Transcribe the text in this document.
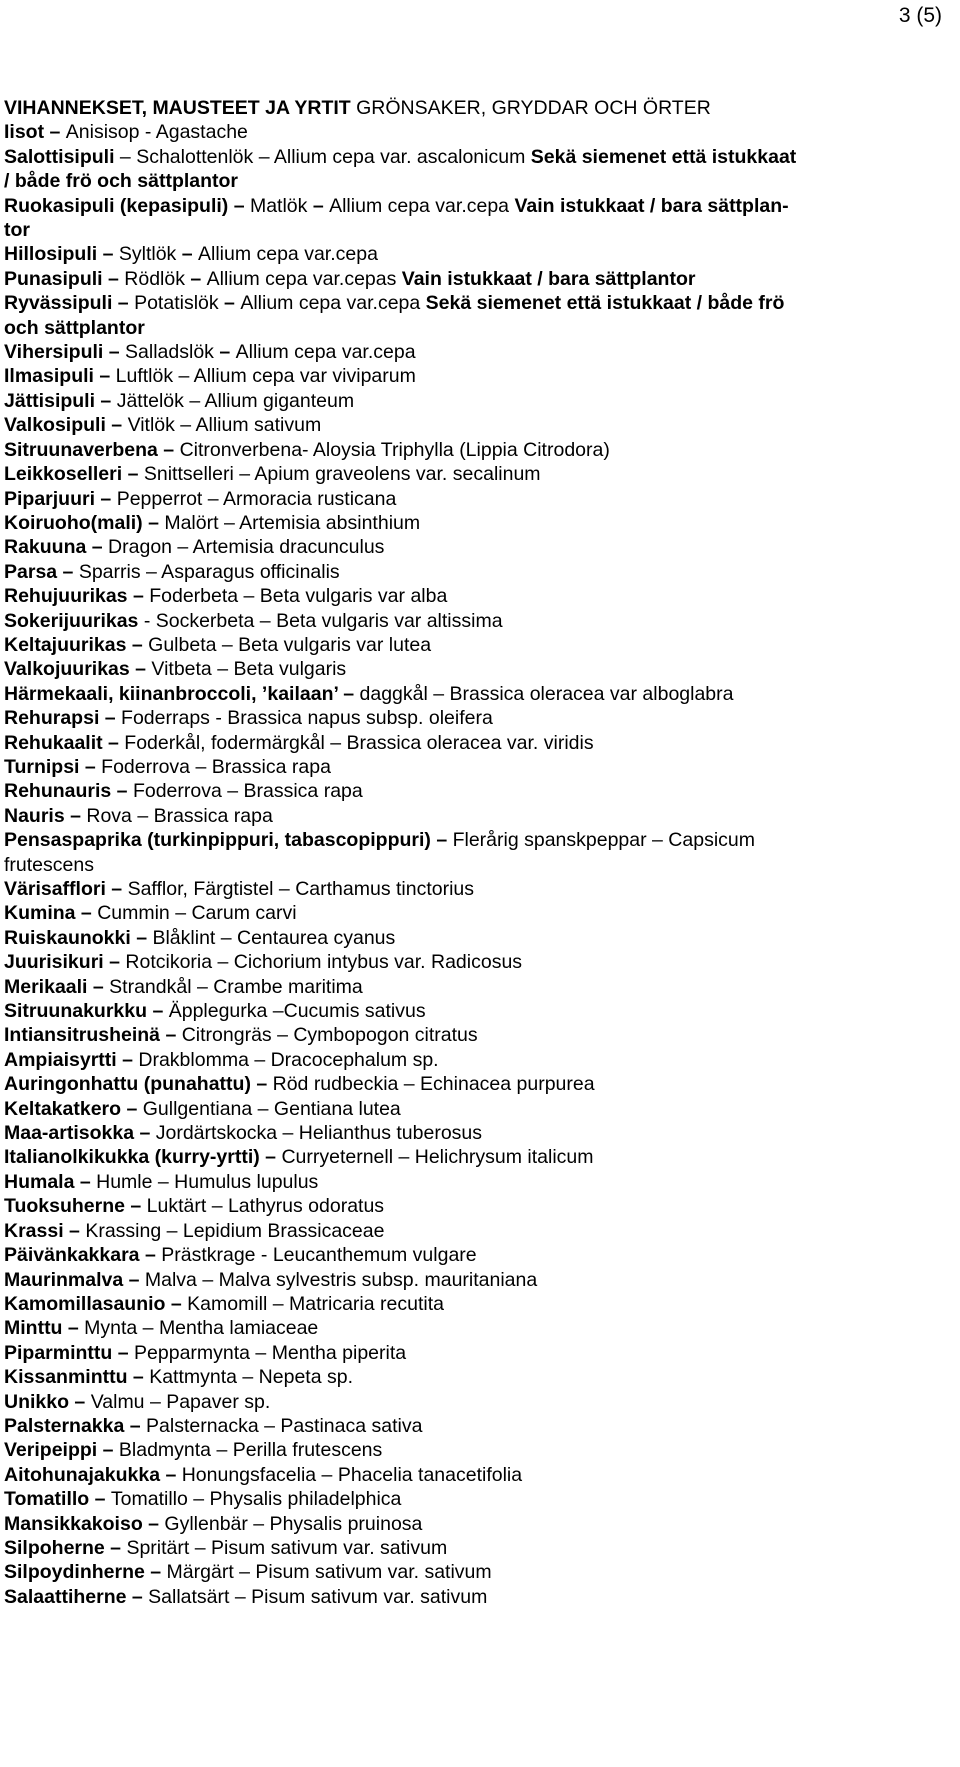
3 (5)
VIHANNEKSET, MAUSTEET JA YRTIT GRÖNSAKER, GRYDDAR OCH ÖRTER
Iisot – Anisisop - Agastache
Salottisipuli – Schalottenlök – Allium cepa var. ascalonicum Sekä siemenet että istukkaat
/ både frö och sättplantor
Ruokasipuli (kepasipuli) – Matlök – Allium cepa var.cepa Vain istukkaat / bara sättplan-
tor
Hillosipuli – Syltlök – Allium cepa var.cepa
Punasipuli – Rödlök – Allium cepa var.cepas Vain istukkaat / bara sättplantor
Ryvässipuli – Potatislök – Allium cepa var.cepa Sekä siemenet että istukkaat / både frö
och sättplantor
Vihersipuli – Salladslök – Allium cepa var.cepa
Ilmasipuli – Luftlök – Allium cepa var viviparum
Jättisipuli – Jättelök – Allium giganteum
Valkosipuli – Vitlök – Allium sativum
Sitruunaverbena – Citronverbena- Aloysia Triphylla (Lippia Citrodora)
Leikkoselleri – Snittselleri – Apium graveolens var. secalinum
Piparjuuri – Pepperrot – Armoracia rusticana
Koiruoho(mali) – Malört – Artemisia absinthium
Rakuuna – Dragon – Artemisia dracunculus
Parsa – Sparris – Asparagus officinalis
Rehujuurikas – Foderbeta – Beta vulgaris var alba
Sokerijuurikas - Sockerbeta – Beta vulgaris var altissima
Keltajuurikas – Gulbeta – Beta vulgaris var lutea
Valkojuurikas – Vitbeta – Beta vulgaris
Härmekaali, kiinanbroccoli, ’kailaan’ – daggkål – Brassica oleracea var alboglabra
Rehurapsi – Foderraps - Brassica napus subsp. oleifera
Rehukaalit – Foderkål, fodermärgkål – Brassica oleracea var. viridis
Turnipsi – Foderrova – Brassica rapa
Rehunauris – Foderrova – Brassica rapa
Nauris – Rova – Brassica rapa
Pensaspaprika (turkinpippuri, tabascopippuri) – Flerårig spanskpeppar – Capsicum
frutescens
Värisafflori – Safflor, Färgtistel – Carthamus tinctorius
Kumina – Cummin – Carum carvi
Ruiskaunokki – Blåklint – Centaurea cyanus
Juurisikuri – Rotcikoria – Cichorium intybus var. Radicosus
Merikaali – Strandkål – Crambe maritima
Sitruunakurkku – Äpplegurka –Cucumis sativus
Intiansitrusheinä – Citrongräs – Cymbopogon citratus
Ampiaisyrtti – Drakblomma – Dracocephalum sp.
Auringonhattu (punahattu) – Röd rudbeckia – Echinacea purpurea
Keltakatkero – Gullgentiana – Gentiana lutea
Maa-artisokka – Jordärtskocka – Helianthus tuberosus
Italianolkikukka (kurry-yrtti) – Curryeternell – Helichrysum italicum
Humala – Humle – Humulus lupulus
Tuoksuherne – Luktärt – Lathyrus odoratus
Krassi – Krassing – Lepidium Brassicaceae
Päivänkakkara – Prästkrage - Leucanthemum vulgare
Maurinmalva – Malva – Malva sylvestris subsp. mauritaniana
Kamomillasaunio – Kamomill – Matricaria recutita
Minttu – Mynta – Mentha lamiaceae
Piparminttu – Pepparmynta – Mentha piperita
Kissanminttu – Kattmynta – Nepeta sp.
Unikko – Valmu – Papaver sp.
Palsternakka – Palsternacka – Pastinaca sativa
Veripeippi – Bladmynta – Perilla frutescens
Aitohunajakukka – Honungsfacelia – Phacelia tanacetifolia
Tomatillo – Tomatillo – Physalis philadelphica
Mansikkakoiso – Gyllenbär – Physalis pruinosa
Silpoherne – Spritärt – Pisum sativum var. sativum
Silpoydinherne – Märgärt – Pisum sativum var. sativum
Salaattiherne – Sallatsärt – Pisum sativum var. sativum
